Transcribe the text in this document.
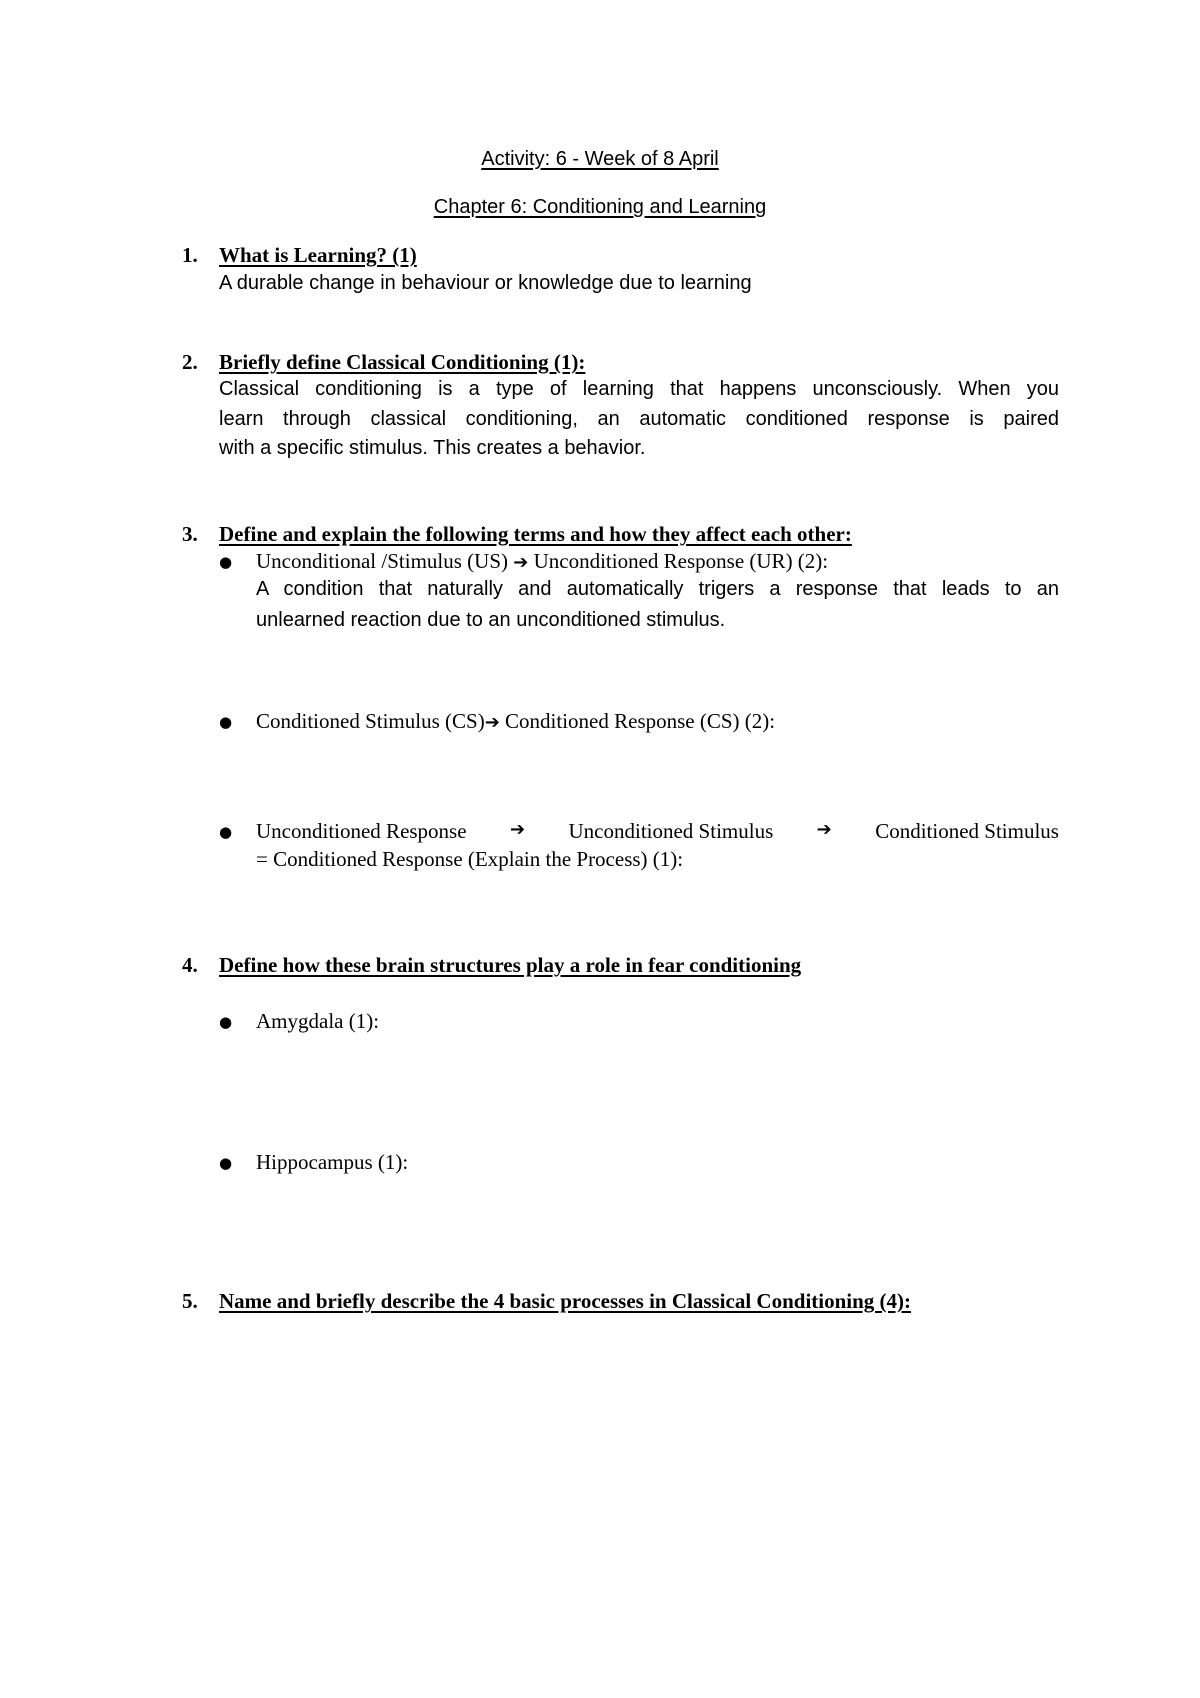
Activity: 6 - Week of 8 April
Chapter 6: Conditioning and Learning
1. What is Learning? (1)
A durable change in behaviour or knowledge due to learning
2. Briefly define Classical Conditioning (1):
Classical conditioning is a type of learning that happens unconsciously. When you
learn through classical conditioning, an automatic conditioned response is paired
with a specific stimulus. This creates a behavior.
3. Define and explain the following terms and how they affect each other:
● Unconditional /Stimulus (US) ➔ Unconditioned Response (UR) (2):
A condition that naturally and automatically trigers a response that leads to an
unlearned reaction due to an unconditioned stimulus.
● Conditioned Stimulus (CS)➔ Conditioned Response (CS) (2):
● Unconditioned Response ➔ Unconditioned Stimulus ➔ Conditioned Stimulus
= Conditioned Response (Explain the Process) (1):
4. Define how these brain structures play a role in fear conditioning
● Amygdala (1):
● Hippocampus (1):
5. Name and briefly describe the 4 basic processes in Classical Conditioning (4):
